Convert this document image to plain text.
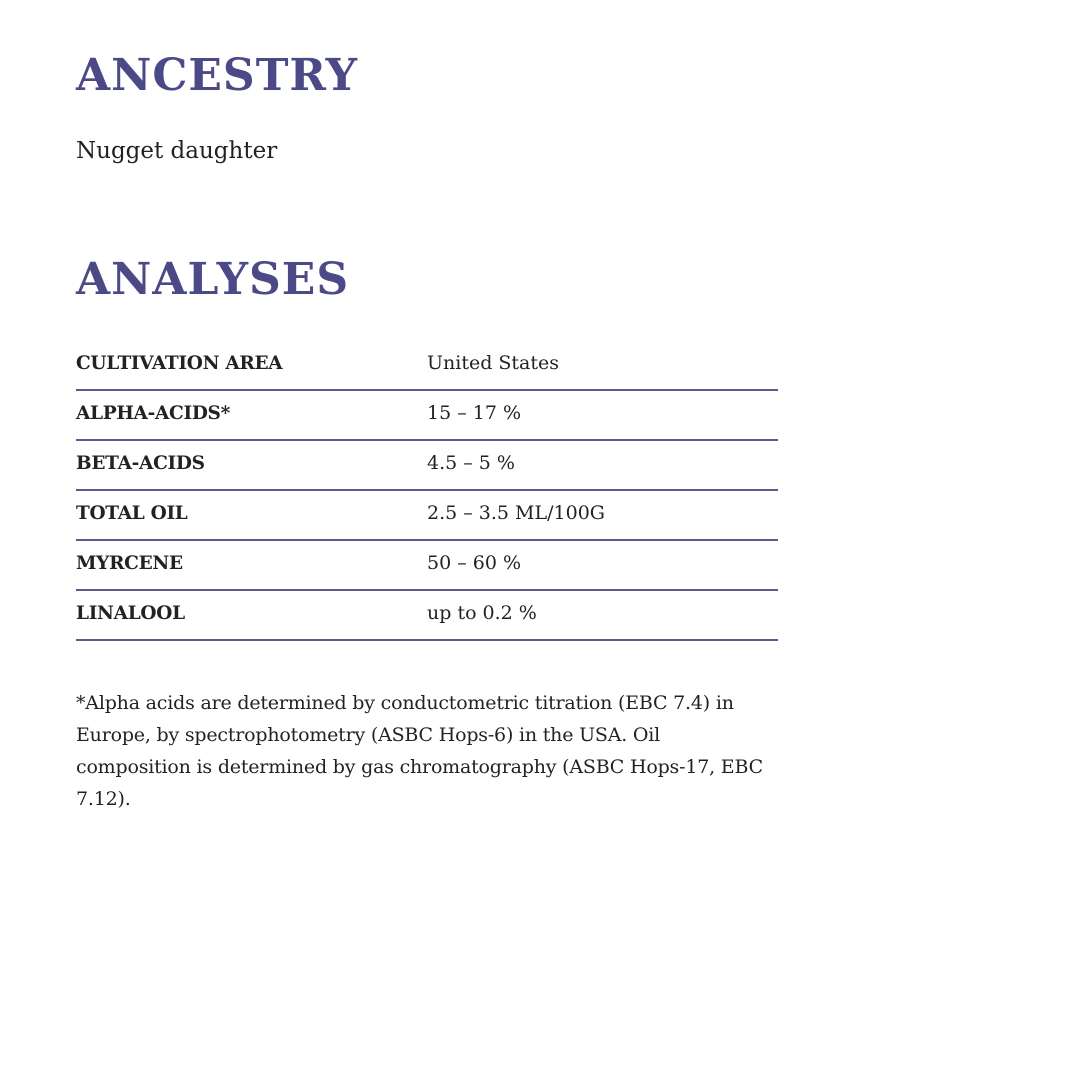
ANCESTRY
Nugget daughter
ANALYSES
CULTIVATION AREA	United States
ALPHA-ACIDS*	15 – 17 %
BETA-ACIDS	4.5 – 5 %
TOTAL OIL	2.5 – 3.5 ML/100G
MYRCENE	50 – 60 %
LINALOOL	up to 0.2 %

*Alpha acids are determined by conductometric titration (EBC 7.4) in Europe, by spectrophotometry (ASBC Hops-6) in the USA. Oil composition is determined by gas chromatography (ASBC Hops-17, EBC 7.12).
